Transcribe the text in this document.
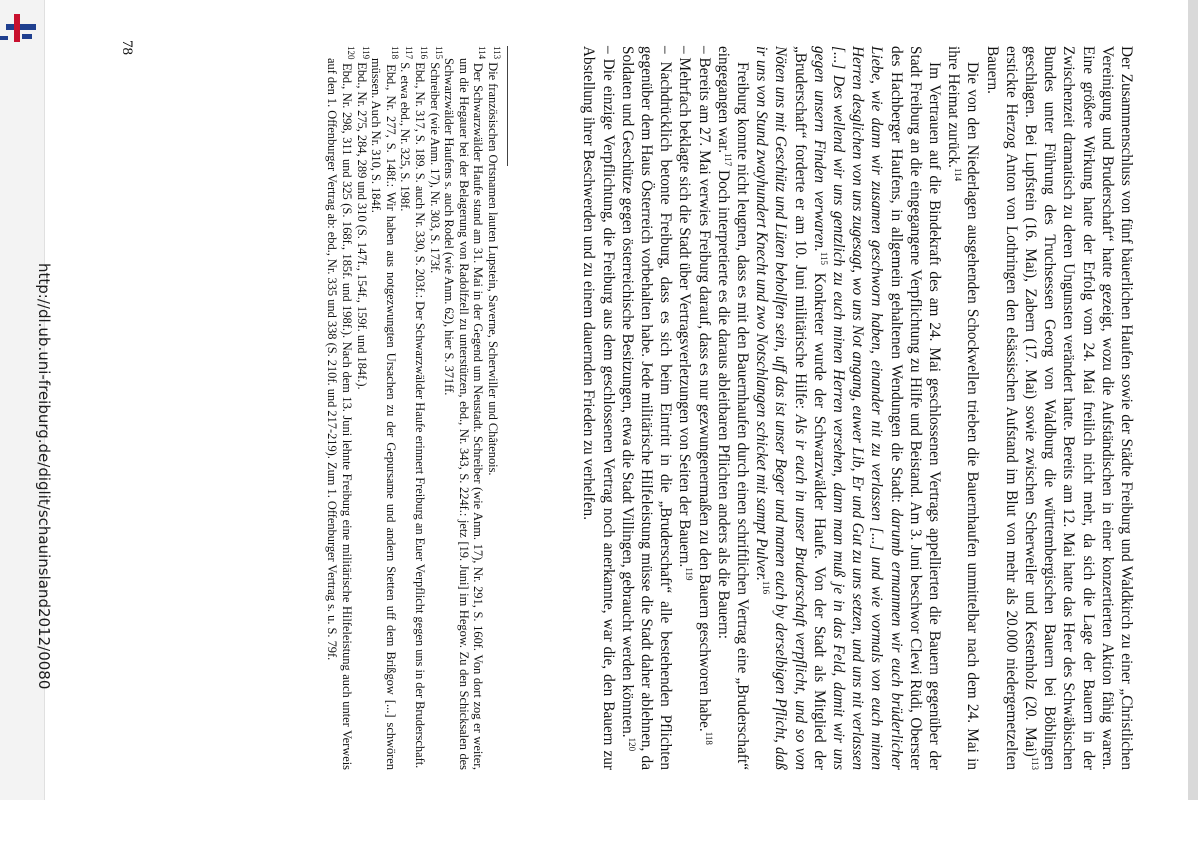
http://dl.ub.uni-freiburg.de/diglit/schauinsland2012/0080	Der Zusammenschluss von fünf bäuerlichen Haufen sowie der Städte Freiburg und Waldkirch zu einer „Christlichen Vereinigung und Bruderschaft“ hatte gezeigt, wozu die Aufständischen in einer konzertierten Aktion fähig waren. Eine größere Wirkung hatte der Erfolg vom 24. Mai freilich nicht mehr, da sich die Lage der Bauern in der Zwischenzeit dramatisch zu deren Ungunsten verändert hatte. Bereits am 12. Mai hatte das Heer des Schwäbischen Bundes unter Führung des Truchsessen Georg von Waldburg die württembergischen Bauern bei Böblingen geschlagen. Bei Lupfstein (16. Mai), Zabern (17. Mai) sowie zwischen Scherweiler und Kestenholz (20. Mai)$^{113}$ erstickte Herzog Anton von Lothringen den elsässischen Aufstand im Blut von mehr als 20.000 niedergemetzelten Bauern.

Die von den Niederlagen ausgehenden Schockwellen trieben die Bauernhaufen unmittelbar nach dem 24. Mai in ihre Heimat zurück.$^{114}$

Im Vertrauen auf die Bindekraft des am 24. Mai geschlossenen Vertrags appellierten die Bauern gegenüber der Stadt Freiburg an die eingegangene Verpflichtung zu Hilfe und Beistand. Am 3. Juni beschwor Clewi Rüdi, Oberster des Hachberger Haufens, in allgemein gehaltenen Wendungen die Stadt: darumb ermanmen wir euch brüderlicher Liebe, wie dann wir zusamen geschworn haben, einander nit zu verlassen [...] und wie vormals von euch minen Herren desglichen von uns zugesagt, wo uns Not angang, euwer Lib, Er und Gut zu uns setzen, und uns nit verlassen [...] Des wellend wir uns gentzlich zu euch minen Herren versehen, dann man muß je in das Feld, damit wir uns gegen unsern Finden verwaren.$^{115}$ Konkreter wurde der Schwarzwälder Haufe. Von der Stadt als Mitglied der „Bruderschaft“ forderte er am 10. Juni militärische Hilfe: Als ir euch in unser Bruderschaft verpflicht, und so von Nöten uns mit Geschütz und Lüten behollfen sein, uff das ist unser Beger und manen euch by derselbigen Pflicht, daß ir uns von Stund zwayhundert Knecht und zwo Notschlangen schicket mit sampt Pulver.$^{116}$

Freiburg konnte nicht leugnen, dass es mit den Bauernhaufen durch einen schriftlichen Vertrag eine „Bruderschaft“ eingegangen war.$^{117}$ Doch interpretierte es die daraus ableitbaren Pflichten anders als die Bauern:

– Bereits am 27. Mai verwies Freiburg darauf, dass es nur gezwungenermaßen zu den Bauern geschworen habe.$^{118}$

– Mehrfach beklagte sich die Stadt über Vertragsverletzungen von Seiten der Bauern.$^{119}$

– Nachdrücklich betonte Freiburg, dass es sich beim Eintritt in die „Bruderschaft“ alle bestehenden Pflichten gegenüber dem Haus Österreich vorbehalten habe. Jede militärische Hilfeleistung müsse die Stadt daher ablehnen, da Soldaten und Geschütze gegen österreichische Besitzungen, etwa die Stadt Villingen, gebraucht werden könnten.$^{120}$

– Die einzige Verpflichtung, die Freiburg aus dem geschlossenen Vertrag noch anerkannte, war die, den Bauern zur Abstellung ihrer Beschwerden und zu einem dauernden Frieden zu verhelfen.

$^{113}$ Die französischen Ortsnamen lauten Lupstein, Saverne, Scherwiller und Châtenois.

$^{114}$ Der Schwarzwälder Haufe stand am 31. Mai in der Gegend um Neustadt. Schreiber (wie Anm. 17), Nr. 291, S. 160f. Von dort zog er weiter, um die Hegauer bei der Belagerung von Radolfzell zu unterstützen, ebd., Nr. 343, S. 224f.: jetz [19. Juni] im Hegow. Zu den Schicksalen des Schwarzwälder Haufens s. auch Rodel (wie Anm. 62), hier S. 371ff.

$^{115}$ Schreiber (wie Anm. 17), Nr. 303, S. 173f.

$^{116}$ Ebd., Nr. 317, S. 189. S. auch Nr. 330, S. 203f.: Der Schwarzwälder Haufe erinnert Freiburg an Euer Verpflicht gegen uns in der Bruderschaft.

$^{117}$ S. etwa ebd., Nr. 325, S. 198f.

$^{118}$ Ebd., Nr. 277, S. 148f.: Wir haben aus notgezwungten Ursachen zu der Gepursame und andern Stetten uff dem Brißgow [...] schwören müssen. Auch Nr. 310, S. 184f.

$^{119}$ Ebd., Nr. 275, 284, 289 und 310 (S. 147f., 154f., 159f. und 184f.).

$^{120}$ Ebd., Nr. 298, 311 und 325 (S. 168f., 185f. und 198f.). Nach dem 13. Juni lehnte Freiburg eine militärische Hilfeleistung auch unter Verweis auf den 1. Offenburger Vertrag ab: ebd., Nr. 335 und 338 (S. 210f. und 217-219). Zum 1. Offenburger Vertrag s. u. S. 79f.

78
